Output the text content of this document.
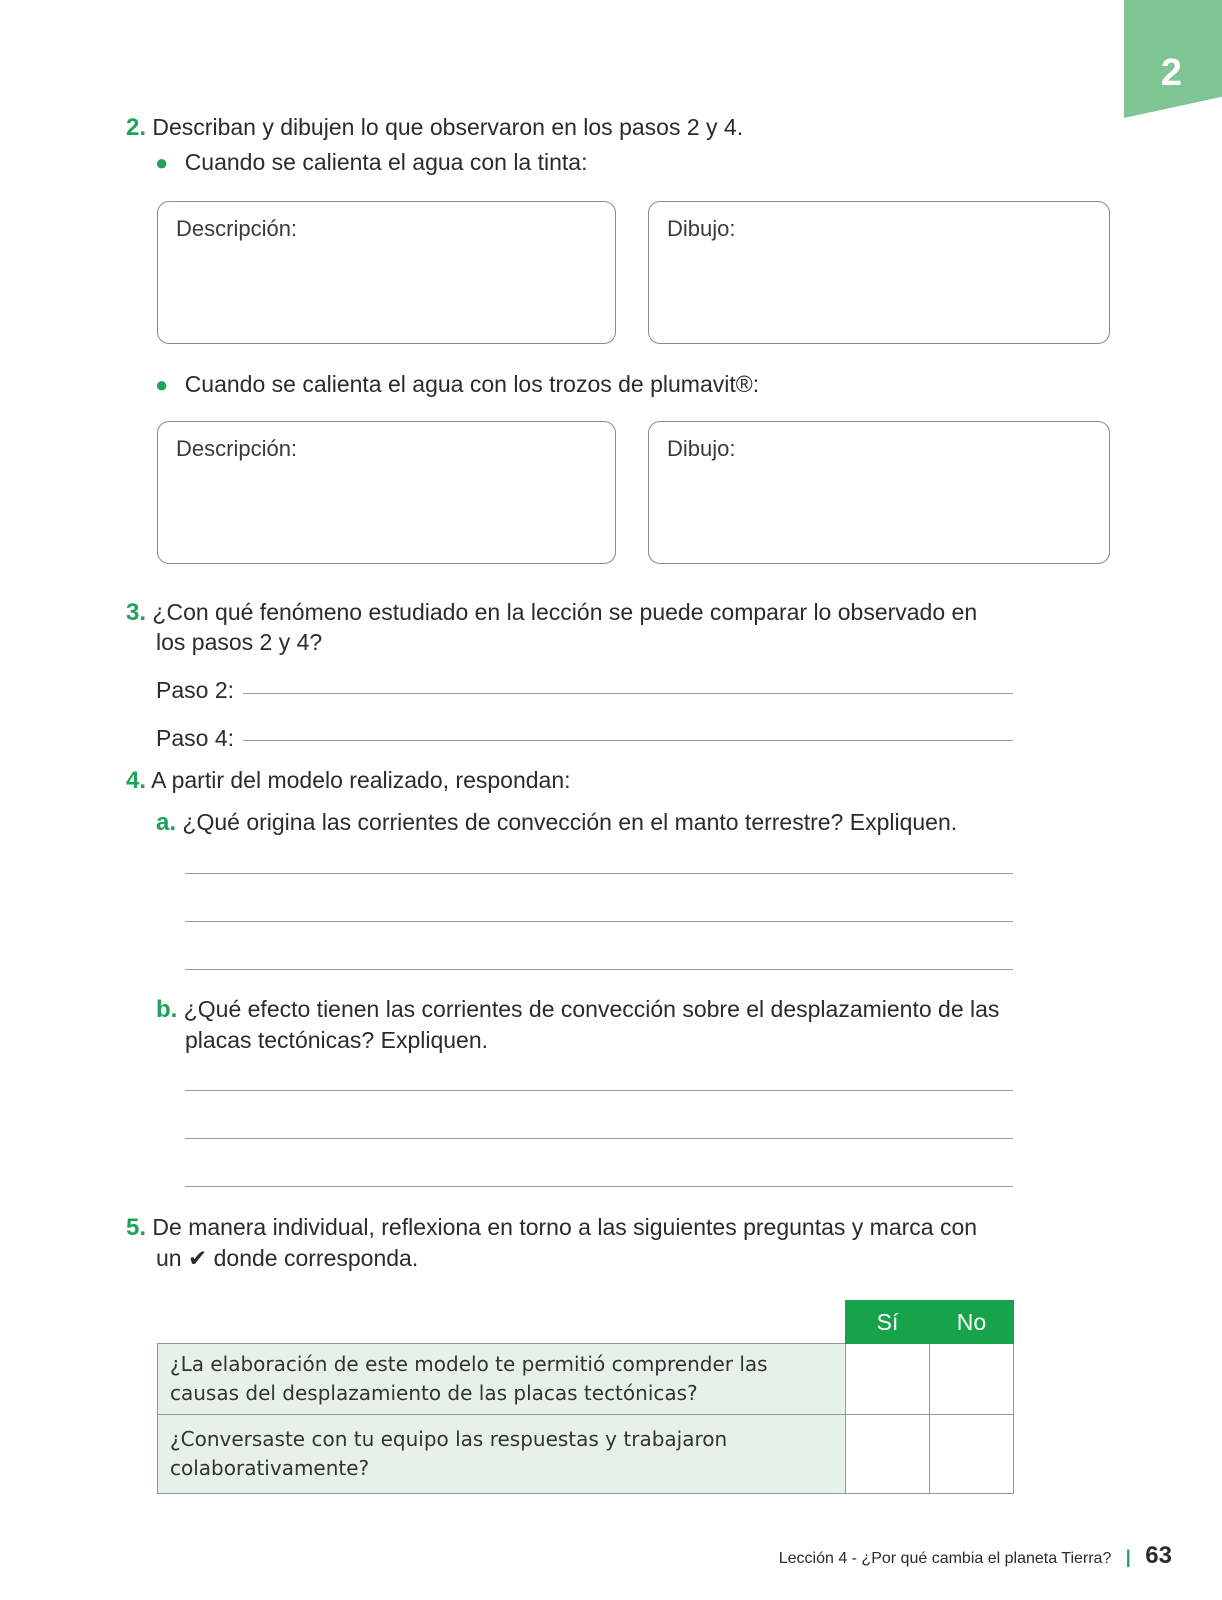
2
2. Describan y dibujen lo que observaron en los pasos 2 y 4.
● Cuando se calienta el agua con la tinta:
Descripción:	Dibujo:
● Cuando se calienta el agua con los trozos de plumavit®:
Descripción:	Dibujo:
3. ¿Con qué fenómeno estudiado en la lección se puede comparar lo observado en
los pasos 2 y 4?
Paso 2:
Paso 4:
4. A partir del modelo realizado, respondan:
a. ¿Qué origina las corrientes de convección en el manto terrestre? Expliquen.
b. ¿Qué efecto tienen las corrientes de convección sobre el desplazamiento de las
placas tectónicas? Expliquen.
5. De manera individual, reflexiona en torno a las siguientes preguntas y marca con
un ✔ donde corresponda.
	Sí	No

¿La elaboración de este modelo te permitió comprender las
causas del desplazamiento de las placas tectónicas?		

¿Conversaste con tu equipo las respuestas y trabajaron
colaborativamente?		

Lección 4 - ¿Por qué cambia el planeta Tierra? | 63
